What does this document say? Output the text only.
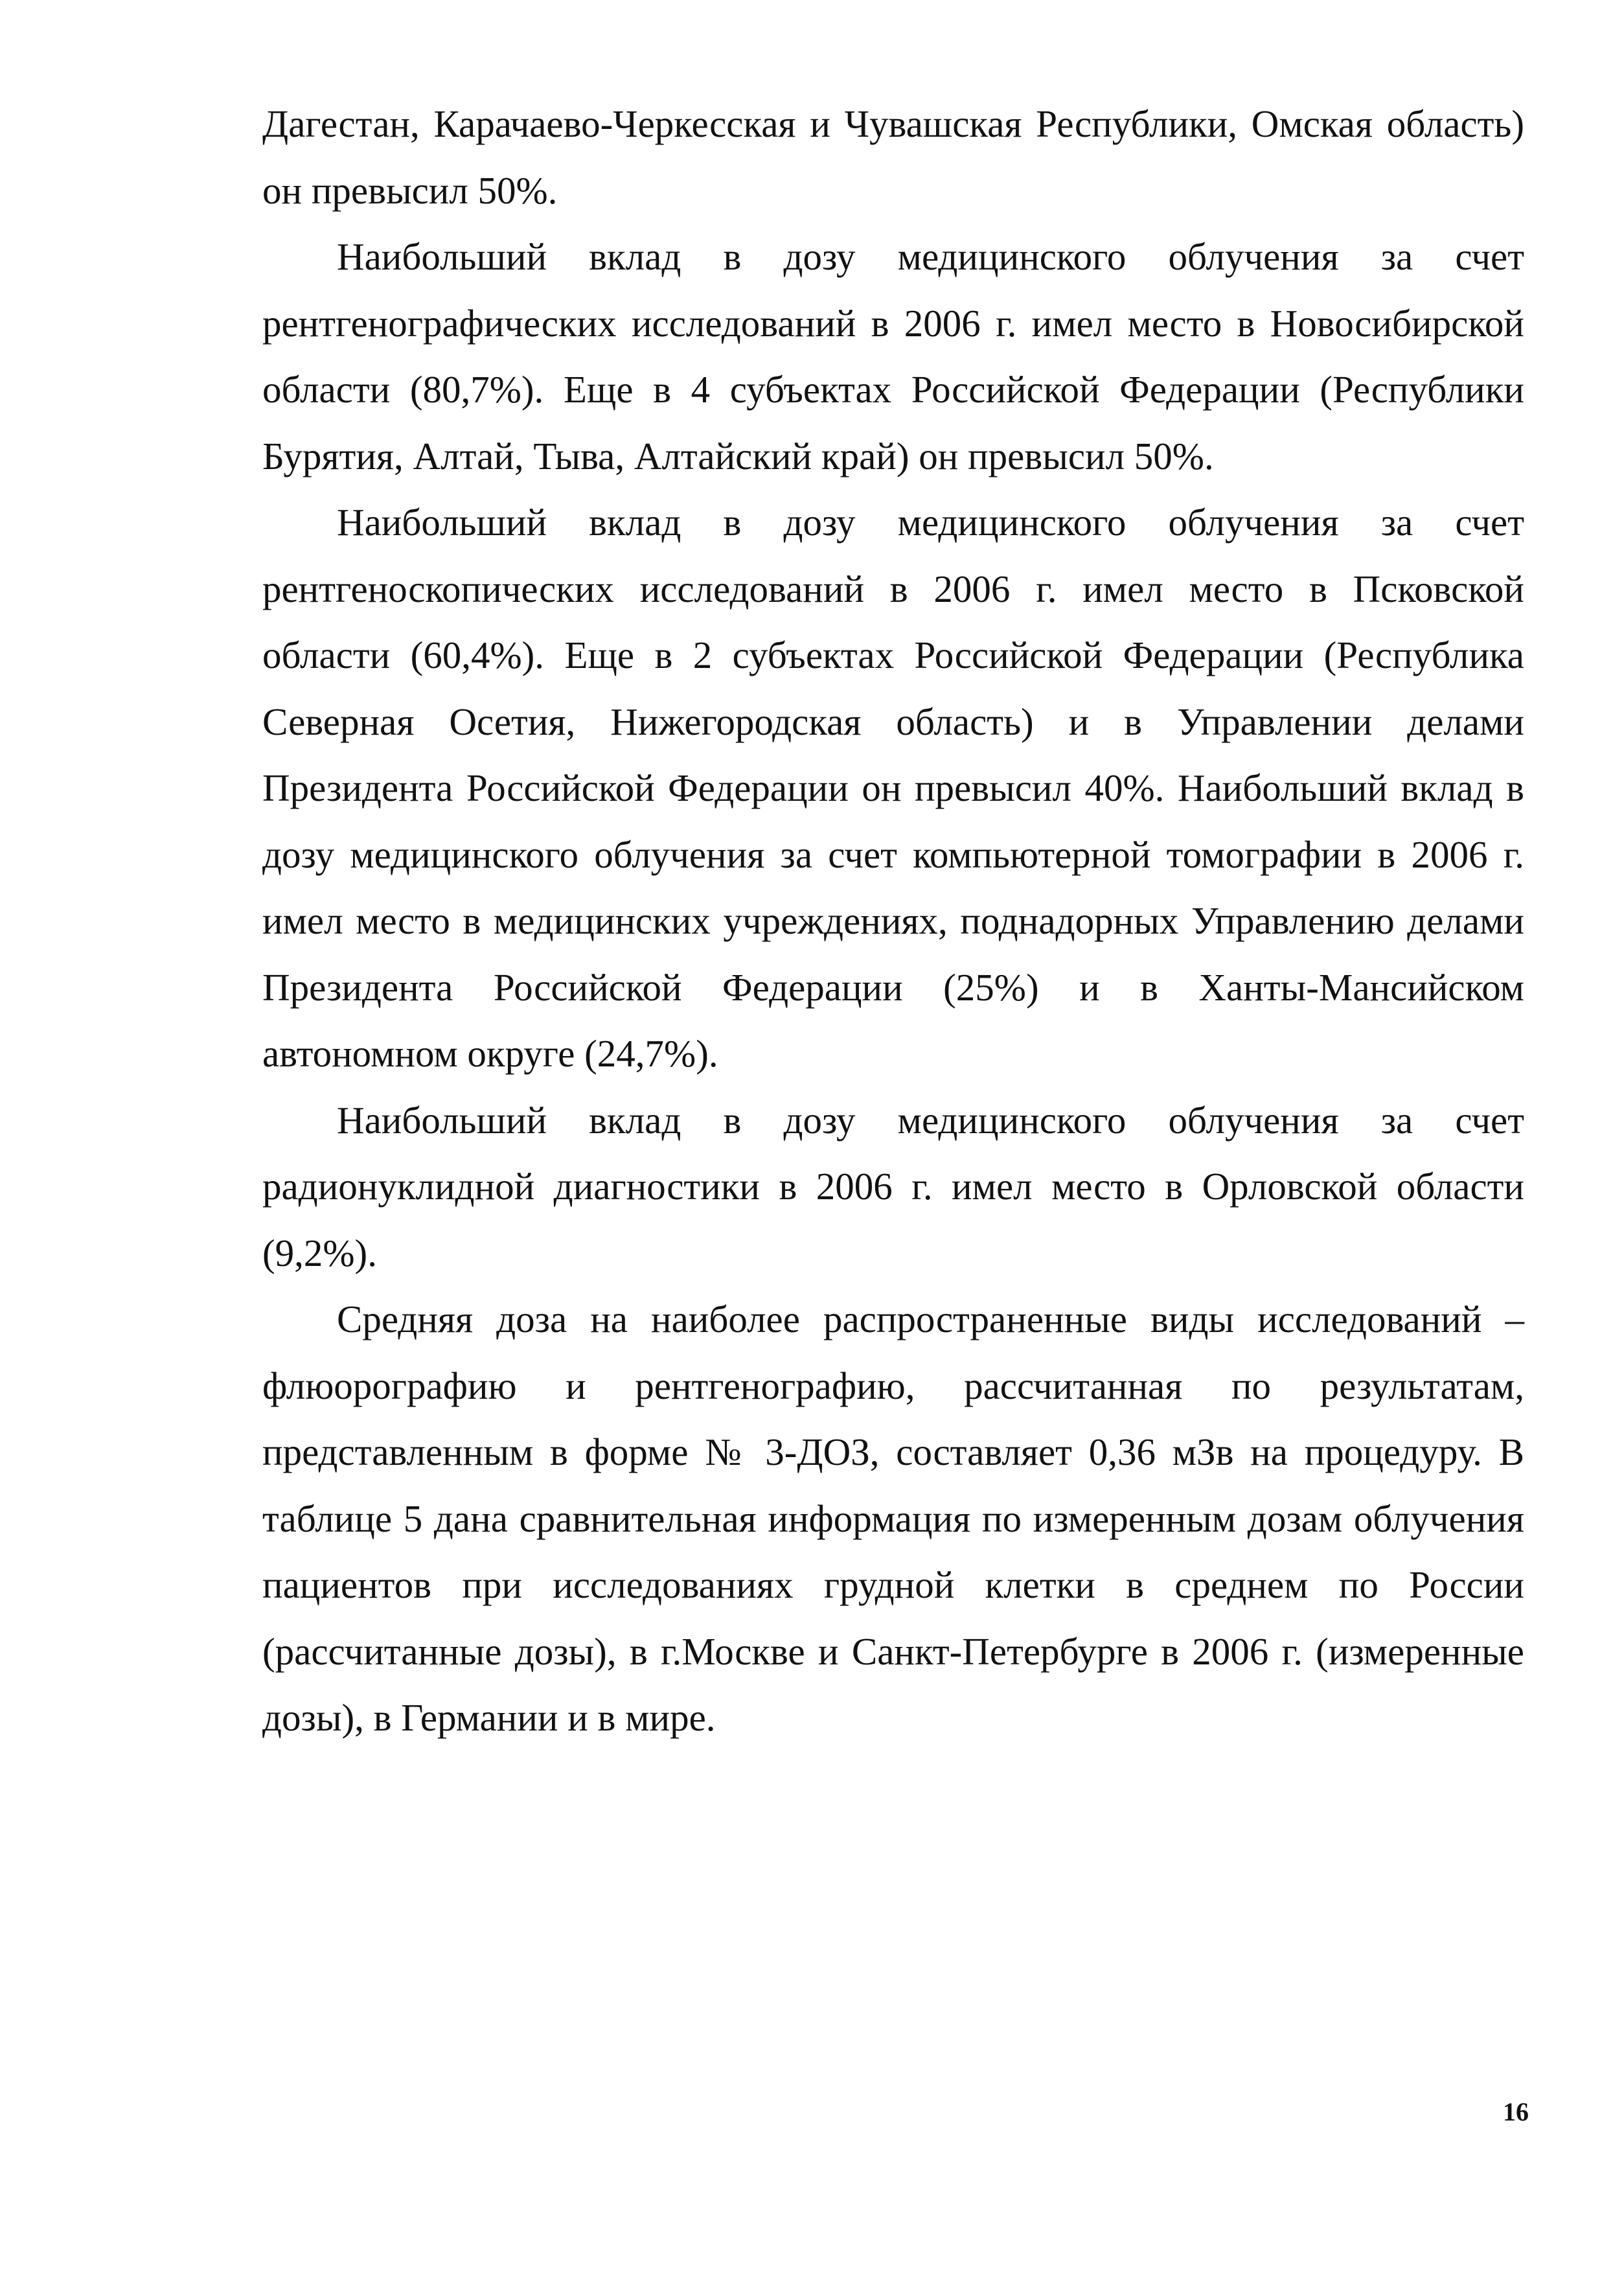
Дагестан, Карачаево-Черкесская и Чувашская Республики, Омская область) он превысил 50%.

Наибольший вклад в дозу медицинского облучения за счет рентгенографических исследований в 2006 г. имел место в Новосибирской области (80,7%). Еще в 4 субъектах Российской Федерации (Республики Бурятия, Алтай, Тыва, Алтайский край) он превысил 50%.

Наибольший вклад в дозу медицинского облучения за счет рентгеноскопических исследований в 2006 г. имел место в Псковской области (60,4%). Еще в 2 субъектах Российской Федерации (Республика Северная Осетия, Нижегородская область) и в Управлении делами Президента Российской Федерации он превысил 40%. Наибольший вклад в дозу медицинского облучения за счет компьютерной томографии в 2006 г. имел место в медицинских учреждениях, поднадорных Управлению делами Президента Российской Федерации (25%) и в Ханты-Мансийском автономном округе (24,7%).

Наибольший вклад в дозу медицинского облучения за счет радионуклидной диагностики в 2006 г. имел место в Орловской области (9,2%).

Средняя доза на наиболее распространенные виды исследований – флюорографию и рентгенографию, рассчитанная по результатам, представленным в форме № 3-ДОЗ, составляет 0,36 мЗв на процедуру. В таблице 5 дана сравнительная информация по измеренным дозам облучения пациентов при исследованиях грудной клетки в среднем по России (рассчитанные дозы), в г.Москве и Санкт-Петербурге в 2006 г. (измеренные дозы), в Германии и в мире.

16
